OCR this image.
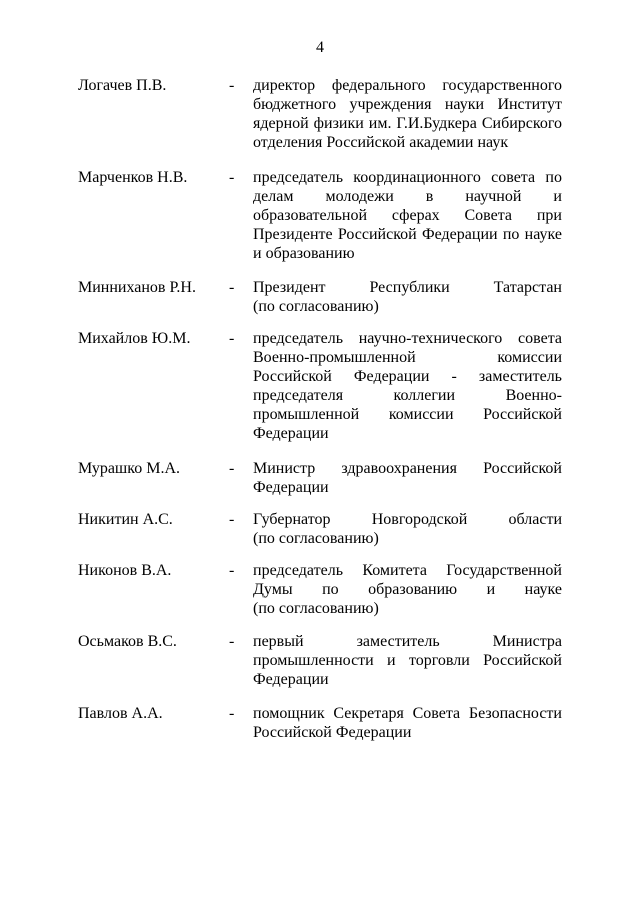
4
Логачев П.В.	- директор федерального государственного
бюджетного учреждения науки Институт
ядерной физики им. Г.И.Будкера Сибирского
отделения Российской академии наук
Марченков Н.В.	- председатель координационного совета по
делам молодежи в научной и
образовательной сферах Совета при
Президенте Российской Федерации по науке
и образованию
Минниханов Р.Н. - Президент	Республики	Татарстан
(по согласованию)
Михайлов Ю.М. - председатель научно-технического совета
Военно-промышленной	комиссии
Российской Федерации - заместитель
председателя	коллегии	Военно-
промышленной комиссии Российской
Федерации
Мурашко М.А.	- Министр здравоохранения Российской
Федерации
Никитин А.С.	- Губернатор	Новгородской	области
(по согласованию)
Никонов В.А.	- председатель Комитета Государственной
Думы по образованию и науке
(по согласованию)
Осьмаков В.С.	- первый	заместитель	Министра
промышленности и торговли Российской
Федерации
Павлов А.А.	- помощник Секретаря Совета Безопасности
Российской Федерации
